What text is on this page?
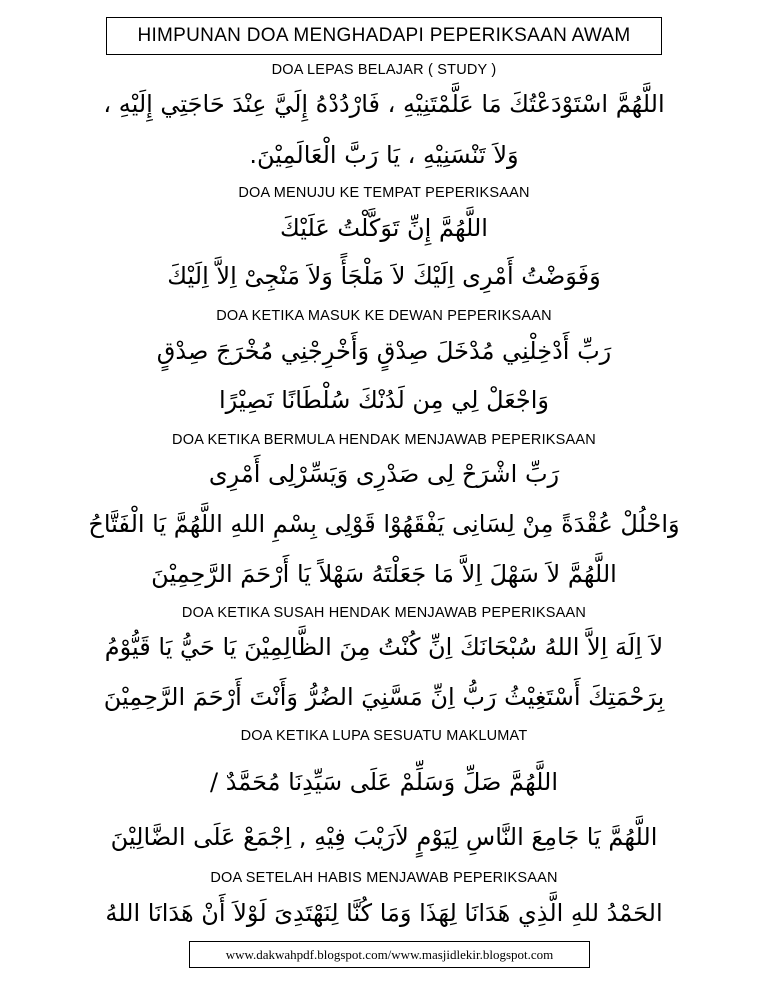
HIMPUNAN DOA MENGHADAPI PEPERIKSAAN AWAM
DOA LEPAS BELAJAR ( STUDY )
اللَّهُمَّ اسْتَوْدَعْتُكَ مَا عَلَّمْتَنِيْهِ ، فَارْدُدْهُ إِلَيَّ عِنْدَ حَاجَتِي إِلَيْهِ ،
وَلاَ تَنْسَنِيْهِ ، يَا رَبَّ الْعَالَمِيْنَ.
DOA MENUJU KE TEMPAT PEPERIKSAAN
اللَّهُمَّ إِنِّ تَوَكَّلْتُ عَلَيْكَ
وَفَوَضْتُ أَمْرِى اِلَيْكَ لاَ مَلْجَأً وَلاَ مَنْجِىْ اِلاَّ اِلَيْكَ
DOA KETIKA MASUK KE DEWAN PEPERIKSAAN
رَبِّ أَدْخِلْنِي مُدْخَلَ صِدْقٍ وَأَخْرِجْنِي مُخْرَجَ صِدْقٍ
وَاجْعَلْ لِي مِن لَدُنْكَ سُلْطَانًا نَصِيْرًا
DOA KETIKA BERMULA HENDAK MENJAWAB PEPERIKSAAN
رَبِّ اشْرَحْ لِى صَدْرِى وَيَسِّرْلِى أَمْرِى
وَاحْلُلْ عُقْدَةً مِنْ لِسَانِى يَفْقَهُوْا قَوْلِى بِسْمِ اللهِ اللَّهُمَّ يَا الْفَتَّاحُ
اللَّهُمَّ لاَ سَهْلَ اِلاَّ مَا جَعَلْتَهُ سَهْلاً يَا أَرْحَمَ الرَّحِمِيْنَ
DOA KETIKA SUSAH HENDAK MENJAWAB PEPERIKSAAN
لاَ اِلَهَ اِلاَّ اللهُ سُبْحَانَكَ اِنِّ كُنْتُ مِنَ الظَّالِمِيْنَ يَا حَيُّ يَا قَيُّوْمُ
بِرَحْمَتِكَ أَسْتَغِيْثُ رَبُّ اِنِّ مَسَّنِيَ الضُرُّ وَأَنْتَ أَرْحَمَ الرَّحِمِيْنَ
DOA KETIKA LUPA SESUATU MAKLUMAT
اللَّهُمَّ صَلِّ وَسَلِّمْ عَلَى سَيِّدِنَا مُحَمَّدٌ /
اللَّهُمَّ يَا جَامِعَ النَّاسِ لِيَوْمٍ لاَرَيْبَ فِيْهِ , اِجْمَعْ عَلَى الضَّالِيْنَ
DOA SETELAH HABIS MENJAWAB PEPERIKSAAN
الحَمْدُ للهِ الَّذِي هَدَانَا لِهَذَا وَمَا كُنَّا لِنَهْتَدِىَ لَوْلاَ أَنْ هَدَانَا اللهُ
www.dakwahpdf.blogspot.com/www.masjidlekir.blogspot.com
